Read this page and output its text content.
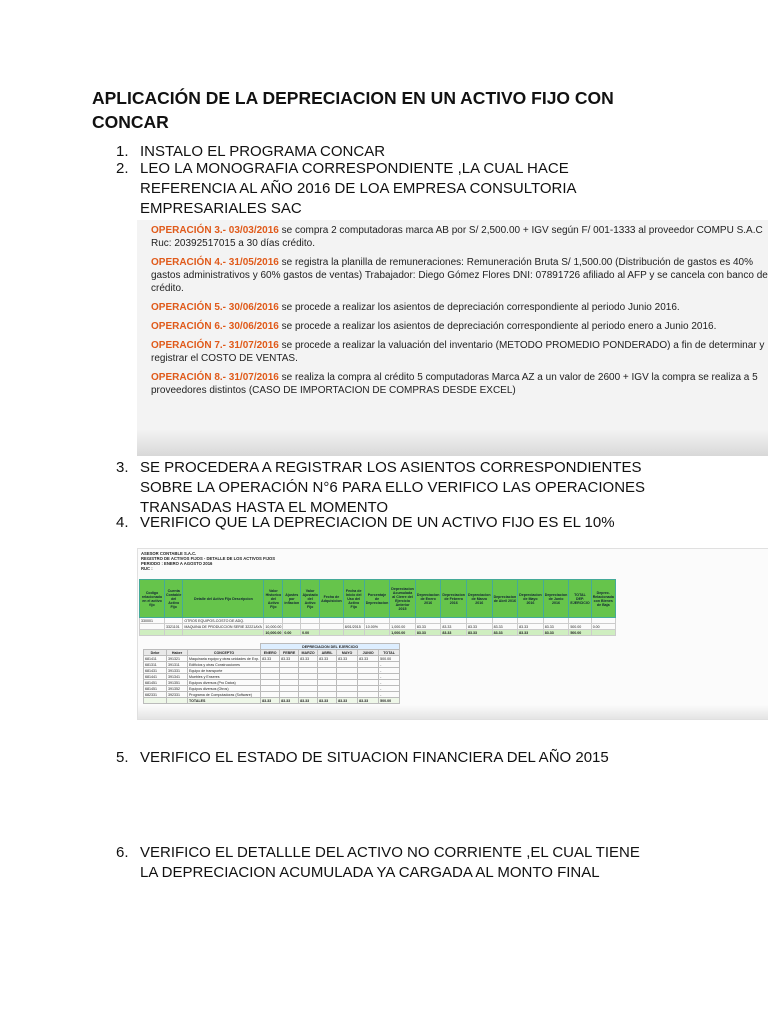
APLICACIÓN DE LA DEPRECIACION EN UN ACTIVO FIJO CON CONCAR
1. INSTALO EL PROGRAMA CONCAR
2. LEO LA MONOGRAFIA CORRESPONDIENTE ,LA CUAL HACE
REFERENCIA AL AÑO 2016 DE LOA EMPRESA CONSULTORIA
EMPRESARIALES SAC
OPERACIÓN 3.- 03/03/2016 se compra 2 computadoras marca AB por S/ 2,500.00 + IGV según F/ 001-1333 al proveedor COMPU S.A.C Ruc: 20392517015 a 30 días crédito.
OPERACIÓN 4.- 31/05/2016 se registra la planilla de remuneraciones: Remuneración Bruta S/ 1,500.00 (Distribución de gastos es 40% gastos administrativos y 60% gastos de ventas) Trabajador: Diego Gómez Flores DNI: 07891726 afiliado al AFP y se cancela con banco de crédito.
OPERACIÓN 5.- 30/06/2016 se procede a realizar los asientos de depreciación correspondiente al periodo Junio 2016.
OPERACIÓN 6.- 30/06/2016 se procede a realizar los asientos de depreciación correspondiente al periodo enero a Junio 2016.
OPERACIÓN 7.- 31/07/2016 se procede a realizar la valuación del inventario (METODO PROMEDIO PONDERADO) a fin de determinar y registrar el COSTO DE VENTAS.
OPERACIÓN 8.- 31/07/2016 se realiza la compra al crédito 5 computadoras Marca AZ a un valor de 2600 + IGV la compra se realiza a 5 proveedores distintos (CASO DE IMPORTACION DE COMPRAS DESDE EXCEL)
3. SE PROCEDERA A REGISTRAR LOS ASIENTOS CORRESPONDIENTES
SOBRE LA OPERACIÓN N°6 PARA ELLO VERIFICO LAS OPERACIONES
TRANSADAS HASTA EL MOMENTO
4. VERIFICO QUE LA DEPRECIACION DE UN ACTIVO FIJO ES EL 10%
ASESOR CONTABLE S.A.C.
REGISTRO DE ACTIVOS FIJOS - DETALLE DE LOS ACTIVOS FIJOS
PERIODO : ENERO A AGOSTO 2016
RUC :
Codigo relacionado en el activo fijo	Cuenta Contable del Activo Fijo	Detalle del Activo Fijo Descripcion	Valor Historico del Activo Fijo	Ajustes por inflacion	Valor Ajustado del Activo Fijo	Fecha de Adquisicion	Fecha de Inicio del Uso del Activo Fijo	Porcentaje de Depreciacion	Depreciacion Acumulada al Cierre del Ejercicio Anterior 2015	Depreciacion de Enero 2016	Depreciacion de Febrero 2016	Depreciacion de Marzo 2016	Depreciacion de Abril 2016	Depreciacion de Mayo 2016	Depreciacion de Junio 2016	TOTAL DEP. EJERCICIO	Deprec. Relacionada con Bienes de Baja
330001		OTROS EQUIPOS-COSTO DE ADQ.															
	3321101	MAQUINA DE PRODUCCION SERIE 32221AYA	10,000.00				8/01/2015	10.00%	1,000.00	83.33	83.33	83.33	83.33	83.33	83.33	500.00	0.00
			10,000.00	0.00	0.00				1,000.00	83.33	83.33	83.33	83.33	83.33	83.33	500.00	
			DEPRECIACION DEL EJERCICIO						
Debe	Haber	CONCEPTO	ENERO	FEBRE	MARZO	ABRIL	MAYO	JUNIO	TOTAL
681411	391321	Maquinaria equipo y otras unidades de Exp.	83.33	83.33	83.33	83.33	83.33	83.33	500.00
681311	391311	Edificios y otras Construcciones							-
681431	391331	Equipo de transporte							-
681441	391341	Muebles y Enseres							-
681451	391351	Equipos diversos (Pro Datos)							-
681451	391352	Equipos diversos (Otros)							-
682331	392331	Programa de Computadoras (Software)							-
		TOTALES	83.33	83.33	83.33	83.33	83.33	83.33	500.00
5. VERIFICO EL ESTADO DE SITUACION FINANCIERA DEL AÑO 2015
6. VERIFICO EL DETALLLE DEL ACTIVO NO CORRIENTE ,EL CUAL TIENE
LA DEPRECIACION ACUMULADA YA CARGADA AL MONTO FINAL
